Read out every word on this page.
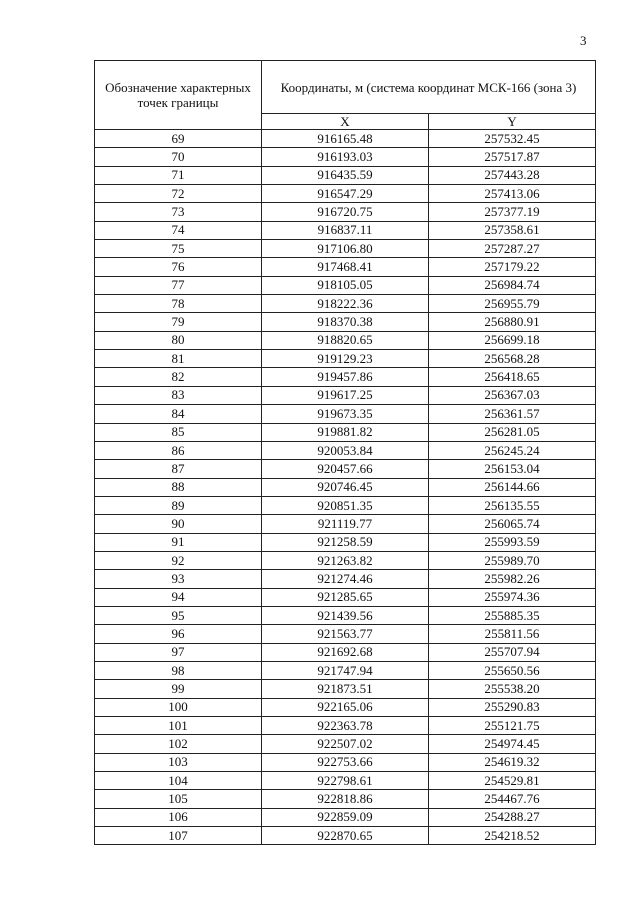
3
Обозначение характерных точек границы	Координаты, м (система координат МСК-166 (зона 3)	
	X	Y
69	916165.48	257532.45
70	916193.03	257517.87
71	916435.59	257443.28
72	916547.29	257413.06
73	916720.75	257377.19
74	916837.11	257358.61
75	917106.80	257287.27
76	917468.41	257179.22
77	918105.05	256984.74
78	918222.36	256955.79
79	918370.38	256880.91
80	918820.65	256699.18
81	919129.23	256568.28
82	919457.86	256418.65
83	919617.25	256367.03
84	919673.35	256361.57
85	919881.82	256281.05
86	920053.84	256245.24
87	920457.66	256153.04
88	920746.45	256144.66
89	920851.35	256135.55
90	921119.77	256065.74
91	921258.59	255993.59
92	921263.82	255989.70
93	921274.46	255982.26
94	921285.65	255974.36
95	921439.56	255885.35
96	921563.77	255811.56
97	921692.68	255707.94
98	921747.94	255650.56
99	921873.51	255538.20
100	922165.06	255290.83
101	922363.78	255121.75
102	922507.02	254974.45
103	922753.66	254619.32
104	922798.61	254529.81
105	922818.86	254467.76
106	922859.09	254288.27
107	922870.65	254218.52
